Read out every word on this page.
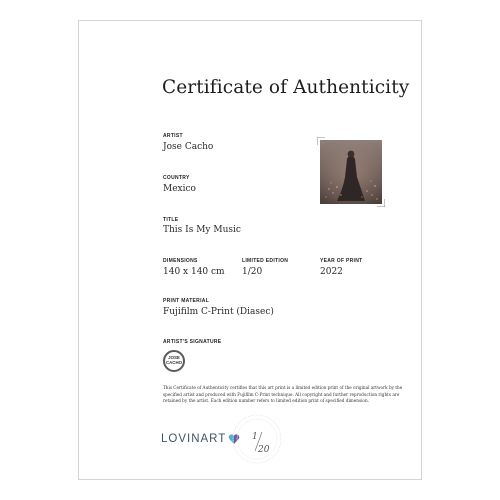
Certificate of Authenticity
ARTIST
Jose Cacho
COUNTRY
Mexico
TITLE
This Is My Music
DIMENSIONS
140 x 140 cm
LIMITED EDITION
1/20
YEAR OF PRINT
2022
PRINT MATERIAL
Fujifilm C-Print (Diasec)
ARTIST'S SIGNATURE
JOSE
CACHO
This Certificate of Authenticity certifies that this art print is a limited edition print of the original artwork by the specified artist and produced with Fujifilm C-Print technique. All copyright and further reproduction rights are retained by the artist. Each edition number refers to limited edition print of specified dimension.
LOVINART	1
20
